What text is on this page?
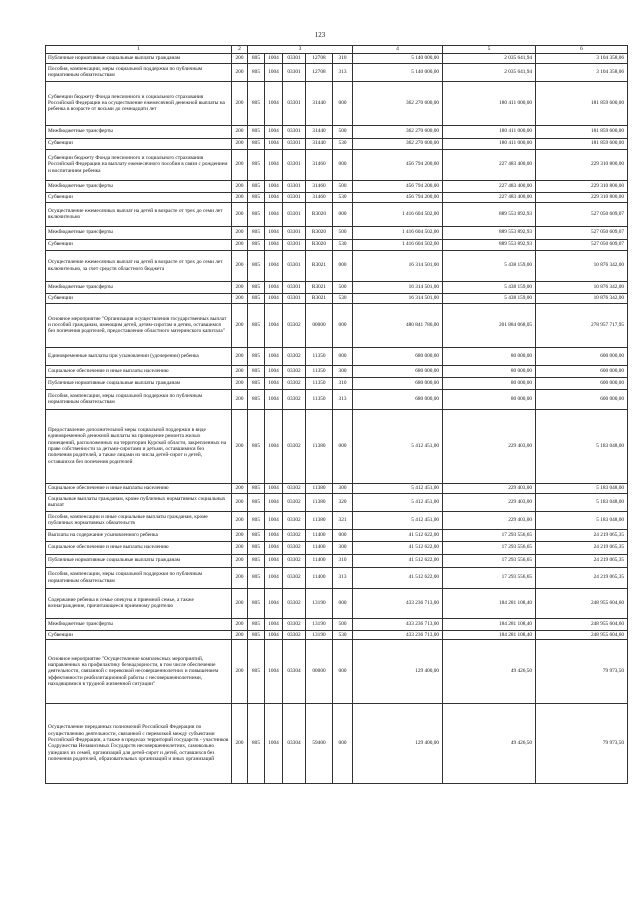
123
1	2	3					4	5	6
Публичные нормативные социальные выплаты гражданам	200	805	1004	03301	12708	310	5 140 000,00	2 035 641,94	3 104 358,06
Пособия, компенсации, меры социальной поддержки по публичным нормативным обязательствам	200	805	1004	03301	12708	313	5 140 000,00	2 035 641,94	3 104 358,06
Субвенции бюджету Фонда пенсионного и социального страхования Российской Федерации на осуществление ежемесячной денежной выплаты на ребенка в возрасте от восьми до семнадцати лет	200	805	1004	03301	31440	000	362 270 600,00	180 411 000,00	181 859 600,00
Межбюджетные трансферты	200	805	1004	03301	31440	500	362 270 600,00	180 411 000,00	181 859 600,00
Субвенции	200	805	1004	03301	31440	530	362 270 600,00	180 411 000,00	181 859 600,00
Субвенции бюджету Фонда пенсионного и социального страхования Российской Федерации на выплату ежемесячного пособия в связи с рождением и воспитанием ребенка	200	805	1004	03301	31460	000	456 794 200,00	227 483 400,00	229 310 800,00
Межбюджетные трансферты	200	805	1004	03301	31460	500	456 794 200,00	227 483 400,00	229 310 800,00
Субвенции	200	805	1004	03301	31460	530	456 794 200,00	227 483 400,00	229 310 800,00
Осуществление ежемесячных выплат на детей в возрасте от трех до семи лет включительно	200	805	1004	03301	R3020	000	1 416 604 502,00	889 553 892,93	527 050 609,07
Межбюджетные трансферты	200	805	1004	03301	R3020	500	1 416 604 502,00	889 553 892,93	527 050 609,07
Субвенции	200	805	1004	03301	R3020	530	1 416 604 502,00	889 553 892,93	527 050 609,07
Осуществление ежемесячных выплат на детей в возрасте от трех до семи лет включительно, за счет средств областного бюджета	200	805	1004	03301	R3021	000	16 314 501,00	5 438 159,00	10 876 342,00
Межбюджетные трансферты	200	805	1004	03301	R3021	500	16 314 501,00	5 438 159,00	10 876 342,00
Субвенции	200	805	1004	03301	R3021	530	16 314 501,00	5 438 159,00	10 876 342,00
Основное мероприятие "Организация осуществления государственных выплат и пособий гражданам, имеющим детей, детям-сиротам и детям, оставшимся без попечения родителей, предоставление областного материнского капитала"	200	805	1004	03302	00000	000	480 841 786,00	201 884 068,05	278 957 717,95
Единовременные выплаты при усыновлении (удочерении) ребенка	200	805	1004	03302	11350	000	680 000,00	80 000,00	600 000,00
Социальное обеспечение и иные выплаты населению	200	805	1004	03302	11350	300	680 000,00	80 000,00	600 000,00
Публичные нормативные социальные выплаты гражданам	200	805	1004	03302	11350	310	680 000,00	80 000,00	600 000,00
Пособия, компенсации, меры социальной поддержки по публичным нормативным обязательствам	200	805	1004	03302	11350	313	680 000,00	80 000,00	600 000,00
Предоставление дополнительной меры социальной поддержки в виде единовременной денежной выплаты на проведение ремонта жилых помещений, расположенных на территории Курской области, закрепленных на праве собственности за детьми-сиротами и детьми, оставшимися без попечения родителей, а также лицами из числа детей-сирот и детей, оставшихся без попечения родителей	200	805	1004	03302	11380	000	5 412 451,00	229 403,00	5 183 048,00
Социальное обеспечение и иные выплаты населению	200	805	1004	03302	11380	300	5 412 451,00	229 403,00	5 183 048,00
Социальные выплаты гражданам, кроме публичных нормативных социальных выплат	200	805	1004	03302	11380	320	5 412 451,00	229 403,00	5 183 048,00
Пособия, компенсации и иные социальные выплаты гражданам, кроме публичных нормативных обязательств	200	805	1004	03302	11380	321	5 412 451,00	229 403,00	5 183 048,00
Выплаты на содержание усыновленного ребенка	200	805	1004	03302	11400	000	41 512 622,00	17 293 556,65	24 219 065,35
Социальное обеспечение и иные выплаты населению	200	805	1004	03302	11400	300	41 512 622,00	17 293 556,65	24 219 065,35
Публичные нормативные социальные выплаты гражданам	200	805	1004	03302	11400	310	41 512 622,00	17 293 556,65	24 219 065,35
Пособия, компенсации, меры социальной поддержки по публичным нормативным обязательствам	200	805	1004	03302	11400	313	41 512 622,00	17 293 556,65	24 219 065,35
Содержание ребенка в семье опекуна и приемной семье, а также вознаграждение, причитающееся приемному родителю	200	805	1004	03302	13190	000	433 236 713,00	184 281 108,40	248 955 604,60
Межбюджетные трансферты	200	805	1004	03302	13190	500	433 236 713,00	184 281 108,40	248 955 604,60
Субвенции	200	805	1004	03302	13190	530	433 236 713,00	184 281 108,40	248 955 604,60
Основное мероприятие "Осуществление комплексных мероприятий, направленных на профилактику безнадзорности, в том числе обеспечение деятельности, связанной с перевозкой несовершеннолетних и повышением эффективности реабилитационной работы с несовершеннолетними, находящимися в трудной жизненной ситуации"	200	805	1004	03304	00000	000	129 400,00	49 426,50	79 973,50
Осуществление переданных полномочий Российской Федерации по осуществлению деятельности, связанной с перевозкой между субъектами Российской Федерации, а также в пределах территорий государств - участников Содружества Независимых Государств несовершеннолетних, самовольно ушедших из семей, организаций для детей-сирот и детей, оставшихся без попечения родителей, образовательных организаций и иных организаций	200	805	1004	03304	59400	000	129 400,00	49 426,50	79 973,50
